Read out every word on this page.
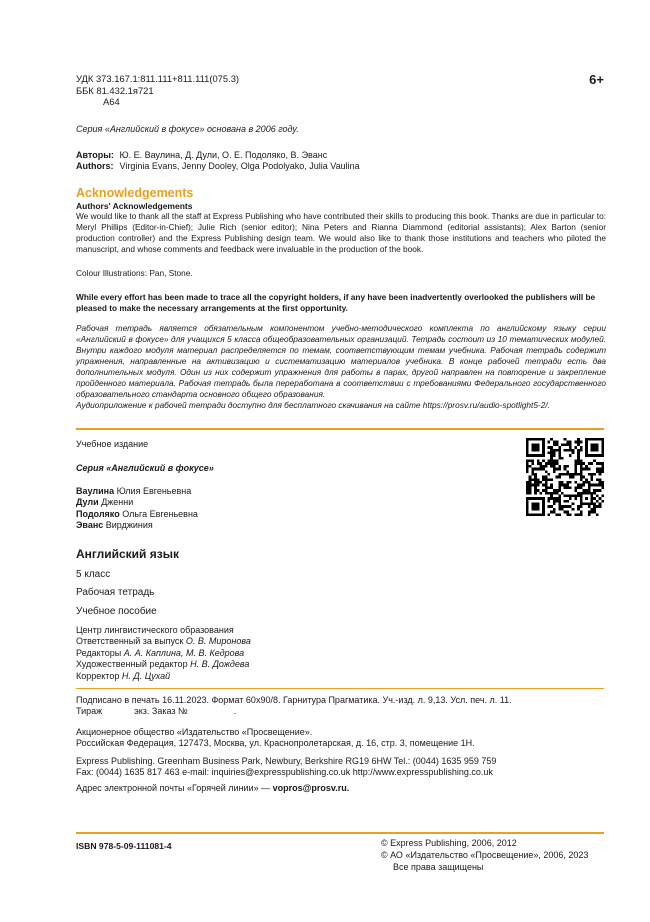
УДК 373.167.1:811.111+811.111(075.3)
ББК 81.432.1я721
А64
6+
Серия «Английский в фокусе» основана в 2006 году.
Авторы: Ю. Е. Ваулина, Д. Дули, О. Е. Подоляко, В. Эванс
Authors: Virginia Evans, Jenny Dooley, Olga Podolyako, Julia Vaulina
Acknowledgements
Authors' Acknowledgements
We would like to thank all the staff at Express Publishing who have contributed their skills to producing this book. Thanks are due in particular to: Meryl Phillips (Editor-in-Chief); Julie Rich (senior editor); Nina Peters and Rianna Diammond (editorial assistants); Alex Barton (senior production controller) and the Express Publishing design team. We would also like to thank those institutions and teachers who piloted the manuscript, and whose comments and feedback were invaluable in the production of the book.
Colour Illustrations: Pan, Stone.
While every effort has been made to trace all the copyright holders, if any have been inadvertently overlooked the publishers will be pleased to make the necessary arrangements at the first opportunity.
Рабочая тетрадь является обязательным компонентом учебно-методического комплекта по английскому языку серии «Английский в фокусе» для учащихся 5 класса общеобразовательных организаций. Тетрадь состоит из 10 тематических модулей. Внутри каждого модуля материал распределяется по темам, соответствующим темам учебника. Рабочая тетрадь содержит упражнения, направленные на активизацию и систематизацию материалов учебника. В конце рабочей тетради есть два дополнительных модуля. Один из них содержит упражнения для работы в парах, другой направлен на повторение и закрепление пройденного материала. Рабочая тетрадь была переработана в соответствии с требованиями Федерального государственного образовательного стандарта основного общего образования.
Аудиоприложение к рабочей тетради доступно для бесплатного скачивания на сайте https://prosv.ru/audio-spotlight5-2/.
Учебное издание
Серия «Английский в фокусе»
Ваулина Юлия Евгеньевна
Дули Дженни
Подоляко Ольга Евгеньевна
Эванс Вирджиния
Английский язык
5 класс
Рабочая тетрадь
Учебное пособие
Центр лингвистического образования
Ответственный за выпуск О. В. Миронова
Редакторы А. А. Каплина, М. В. Кедрова
Художественный редактор Н. В. Дождева
Корректор Н. Д. Цухай
Подписано в печать 16.11.2023. Формат 60x90/8. Гарнитура Прагматика. Уч.-изд. л. 9,13. Усл. печ. л. 11.
Тираж	экз. Заказ №	.
Акционерное общество «Издательство «Просвещение».
Российская Федерация, 127473, Москва, ул. Краснопролетарская, д. 16, стр. 3, помещение 1Н.
Express Publishing. Greenham Business Park, Newbury, Berkshire RG19 6HW Tel.: (0044) 1635 959 759
Fax: (0044) 1635 817 463 e-mail: inquiries@expresspublishing.co.uk http://www.expresspublishing.co.uk
Адрес электронной почты «Горячей линии» — vopros@prosv.ru.
ISBN 978-5-09-111081-4	© Express Publishing, 2006, 2012
© АО «Издательство «Просвещение», 2006, 2023
Все права защищены
